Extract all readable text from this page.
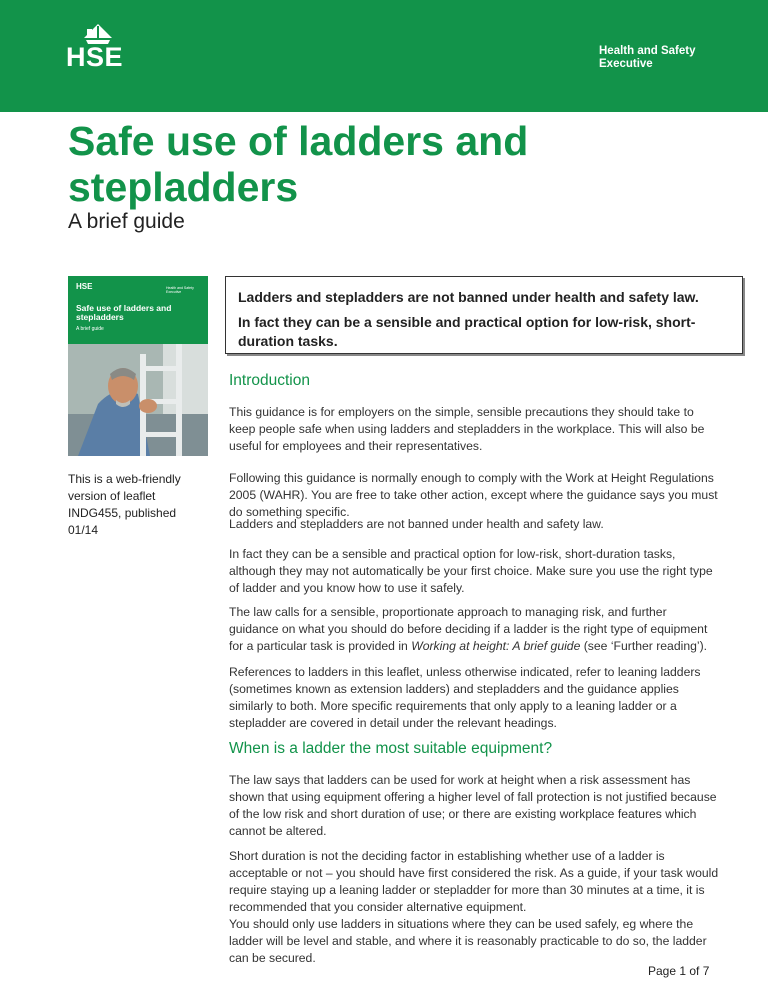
HSE	Health and Safety Executive
Safe use of ladders and stepladders
A brief guide
HSE	Health and Safety Executive
Safe use of ladders and stepladders
A brief guide

This is a web-friendly version of leaflet INDG455, published 01/14

Ladders and stepladders are not banned under health and safety law.

In fact they can be a sensible and practical option for low-risk, short-duration tasks.

Introduction

This guidance is for employers on the simple, sensible precautions they should take to keep people safe when using ladders and stepladders in the workplace. This will also be useful for employees and their representatives.

Following this guidance is normally enough to comply with the Work at Height Regulations 2005 (WAHR). You are free to take other action, except where the guidance says you must do something specific.

Ladders and stepladders are not banned under health and safety law.

In fact they can be a sensible and practical option for low-risk, short-duration tasks, although they may not automatically be your first choice. Make sure you use the right type of ladder and you know how to use it safely.

The law calls for a sensible, proportionate approach to managing risk, and further guidance on what you should do before deciding if a ladder is the right type of equipment for a particular task is provided in Working at height: A brief guide (see ‘Further reading’).

References to ladders in this leaflet, unless otherwise indicated, refer to leaning ladders (sometimes known as extension ladders) and stepladders and the guidance applies similarly to both. More specific requirements that only apply to a leaning ladder or a stepladder are covered in detail under the relevant headings.

When is a ladder the most suitable equipment?

The law says that ladders can be used for work at height when a risk assessment has shown that using equipment offering a higher level of fall protection is not justified because of the low risk and short duration of use; or there are existing workplace features which cannot be altered.

Short duration is not the deciding factor in establishing whether use of a ladder is acceptable or not – you should have first considered the risk. As a guide, if your task would require staying up a leaning ladder or stepladder for more than 30 minutes at a time, it is recommended that you consider alternative equipment.

You should only use ladders in situations where they can be used safely, eg where the ladder will be level and stable, and where it is reasonably practicable to do so, the ladder can be secured.

Page 1 of 7
